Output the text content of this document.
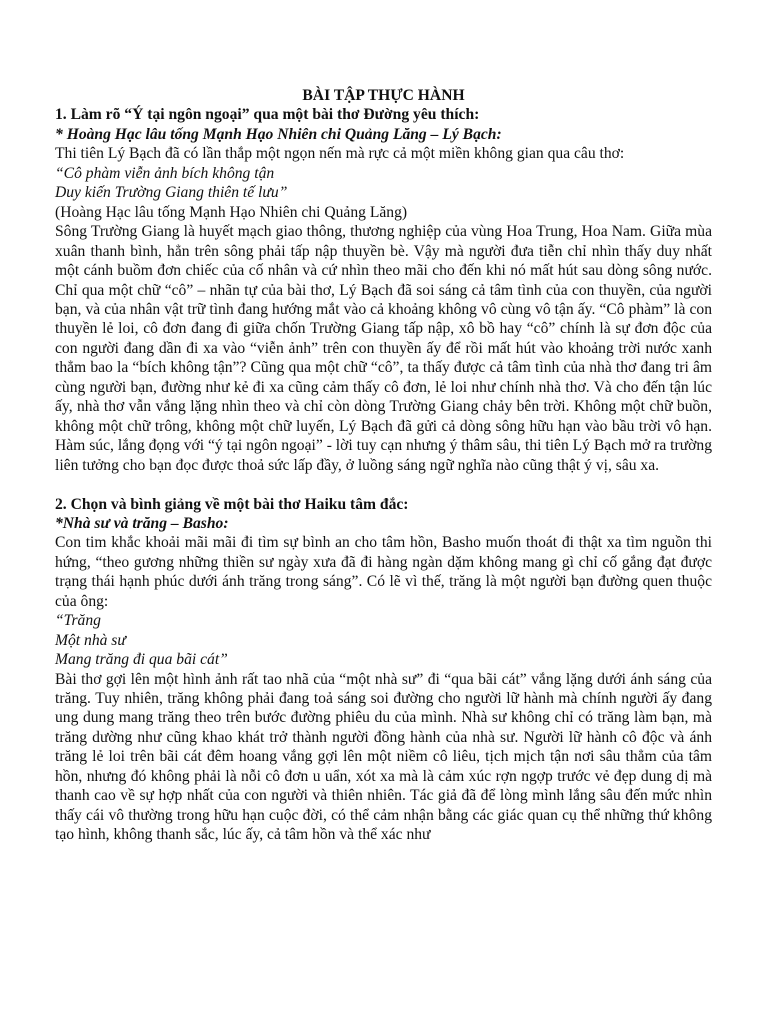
BÀI TẬP THỰC HÀNH

1. Làm rõ “Ý tại ngôn ngoại” qua một bài thơ Đường yêu thích:

* Hoàng Hạc lâu tống Mạnh Hạo Nhiên chi Quảng Lăng – Lý Bạch:

Thi tiên Lý Bạch đã có lần thắp một ngọn nến mà rực cả một miền không gian qua câu thơ:

“Cô phàm viễn ảnh bích không tận

Duy kiến Trường Giang thiên tế lưu”

(Hoàng Hạc lâu tống Mạnh Hạo Nhiên chi Quảng Lăng)

Sông Trường Giang là huyết mạch giao thông, thương nghiệp của vùng Hoa Trung, Hoa Nam. Giữa mùa xuân thanh bình, hẳn trên sông phải tấp nập thuyền bè. Vậy mà người đưa tiễn chỉ nhìn thấy duy nhất một cánh buồm đơn chiếc của cố nhân và cứ nhìn theo mãi cho đến khi nó mất hút sau dòng sông nước. Chỉ qua một chữ “cô” – nhãn tự của bài thơ, Lý Bạch đã soi sáng cả tâm tình của con thuyền, của người bạn, và của nhân vật trữ tình đang hướng mắt vào cả khoảng không vô cùng vô tận ấy. “Cô phàm” là con thuyền lẻ loi, cô đơn đang đi giữa chốn Trường Giang tấp nập, xô bồ hay “cô” chính là sự đơn độc của con người đang dần đi xa vào “viễn ảnh” trên con thuyền ấy để rồi mất hút vào khoảng trời nước xanh thẳm bao la “bích không tận”? Cũng qua một chữ “cô”, ta thấy được cả tâm tình của nhà thơ đang tri âm cùng người bạn, đường như kẻ đi xa cũng cảm thấy cô đơn, lẻ loi như chính nhà thơ. Và cho đến tận lúc ấy, nhà thơ vẫn vắng lặng nhìn theo và chỉ còn dòng Trường Giang chảy bên trời. Không một chữ buồn, không một chữ trông, không một chữ luyến, Lý Bạch đã gửi cả dòng sông hữu hạn vào bầu trời vô hạn. Hàm súc, lắng đọng với “ý tại ngôn ngoại” - lời tuy cạn nhưng ý thâm sâu, thi tiên Lý Bạch mở ra trường liên tưởng cho bạn đọc được thoả sức lấp đầy, ở luồng sáng ngữ nghĩa nào cũng thật ý vị, sâu xa.

2. Chọn và bình giảng về một bài thơ Haiku tâm đắc:

*Nhà sư và trăng – Basho:

Con tim khắc khoải mãi mãi đi tìm sự bình an cho tâm hồn, Basho muốn thoát đi thật xa tìm nguồn thi hứng, “theo gương những thiền sư ngày xưa đã đi hàng ngàn dặm không mang gì chỉ cố gắng đạt được trạng thái hạnh phúc dưới ánh trăng trong sáng”. Có lẽ vì thế, trăng là một người bạn đường quen thuộc của ông:

“Trăng

Một nhà sư

Mang trăng đi qua bãi cát”

Bài thơ gợi lên một hình ảnh rất tao nhã của “một nhà sư” đi “qua bãi cát” vắng lặng dưới ánh sáng của trăng. Tuy nhiên, trăng không phải đang toả sáng soi đường cho người lữ hành mà chính người ấy đang ung dung mang trăng theo trên bước đường phiêu du của mình. Nhà sư không chỉ có trăng làm bạn, mà trăng dường như cũng khao khát trở thành người đồng hành của nhà sư. Người lữ hành cô độc và ánh trăng lẻ loi trên bãi cát đêm hoang vắng gợi lên một niềm cô liêu, tịch mịch tận nơi sâu thẳm của tâm hồn, nhưng đó không phải là nỗi cô đơn u uẩn, xót xa mà là cảm xúc rợn ngợp trước vẻ đẹp dung dị mà thanh cao về sự hợp nhất của con người và thiên nhiên. Tác giả đã để lòng mình lắng sâu đến mức nhìn thấy cái vô thường trong hữu hạn cuộc đời, có thể cảm nhận bằng các giác quan cụ thể những thứ không tạo hình, không thanh sắc, lúc ấy, cả tâm hồn và thể xác như
